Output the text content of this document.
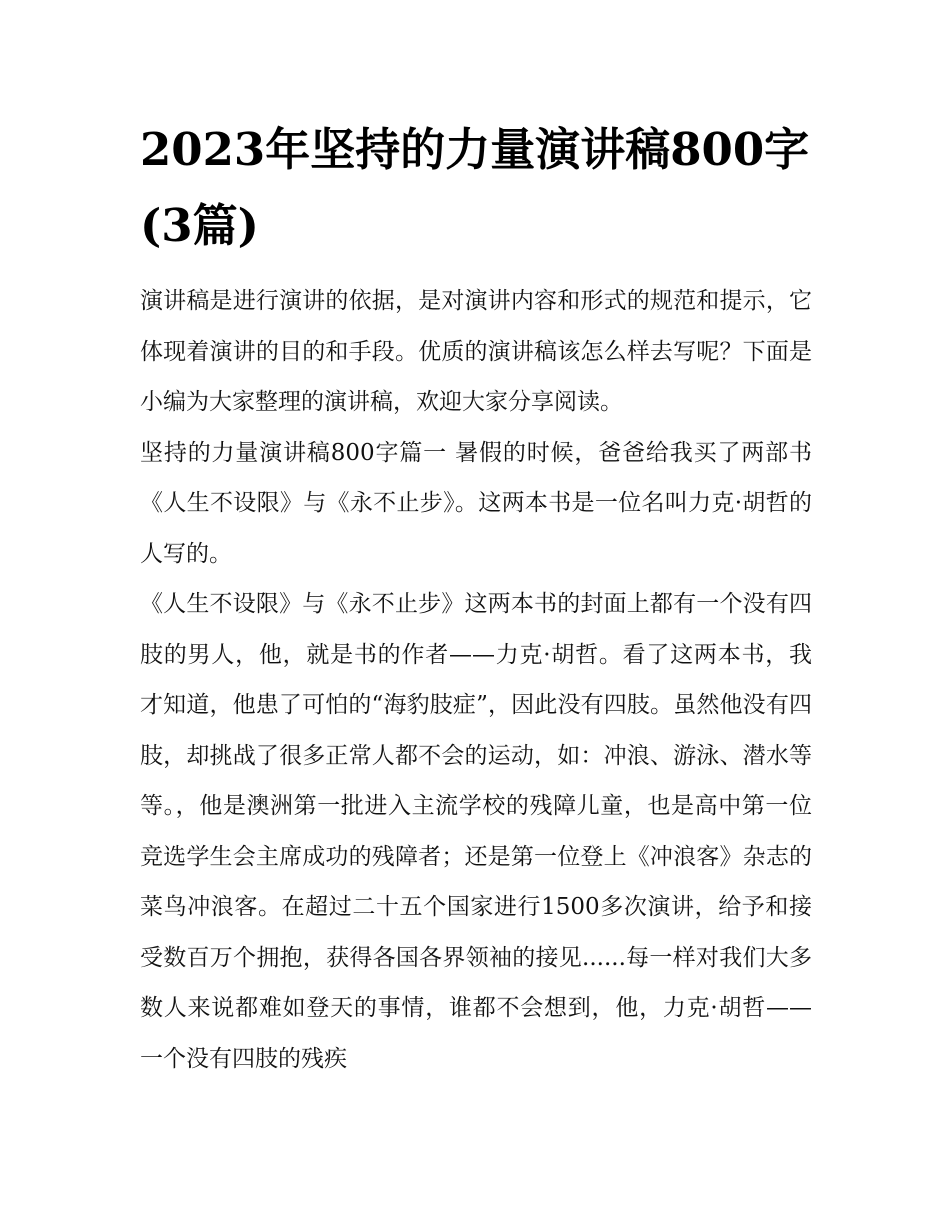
2023年坚持的力量演讲稿800字(3篇)

演讲稿是进行演讲的依据，是对演讲内容和形式的规范和提示，它体现着演讲的目的和手段。优质的演讲稿该怎么样去写呢？下面是小编为大家整理的演讲稿，欢迎大家分享阅读。

坚持的力量演讲稿800字篇一 暑假的时候，爸爸给我买了两部书《人生不设限》与《永不止步》。这两本书是一位名叫力克·胡哲的人写的。

《人生不设限》与《永不止步》这两本书的封面上都有一个没有四肢的男人，他，就是书的作者——力克·胡哲。看了这两本书，我才知道，他患了可怕的“海豹肢症”，因此没有四肢。虽然他没有四肢，却挑战了很多正常人都不会的运动，如：冲浪、游泳、潜水等等。，他是澳洲第一批进入主流学校的残障儿童，也是高中第一位竞选学生会主席成功的残障者；还是第一位登上《冲浪客》杂志的菜鸟冲浪客。在超过二十五个国家进行1500多次演讲，给予和接受数百万个拥抱，获得各国各界领袖的接见......每一样对我们大多数人来说都难如登天的事情，谁都不会想到，他，力克·胡哲——一个没有四肢的残疾
